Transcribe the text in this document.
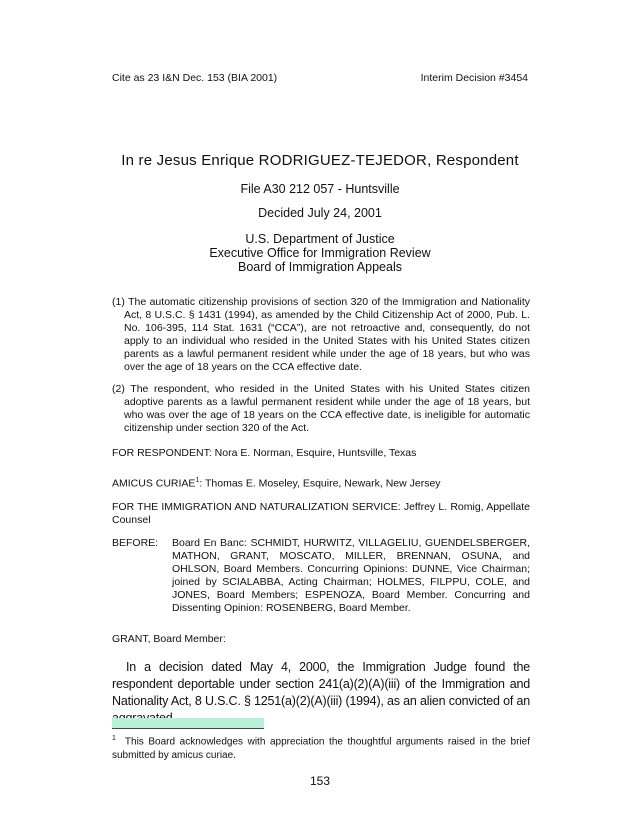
Cite as 23 I&N Dec. 153 (BIA 2001)	Interim Decision #3454
In re Jesus Enrique RODRIGUEZ-TEJEDOR, Respondent
File A30 212 057 - Huntsville
Decided July 24, 2001
U.S. Department of Justice
Executive Office for Immigration Review
Board of Immigration Appeals
(1) The automatic citizenship provisions of section 320 of the Immigration and Nationality Act, 8 U.S.C. § 1431 (1994), as amended by the Child Citizenship Act of 2000, Pub. L. No. 106-395, 114 Stat. 1631 (“CCA”), are not retroactive and, consequently, do not apply to an individual who resided in the United States with his United States citizen parents as a lawful permanent resident while under the age of 18 years, but who was over the age of 18 years on the CCA effective date.
(2) The respondent, who resided in the United States with his United States citizen adoptive parents as a lawful permanent resident while under the age of 18 years, but who was over the age of 18 years on the CCA effective date, is ineligible for automatic citizenship under section 320 of the Act.
FOR RESPONDENT: Nora E. Norman, Esquire, Huntsville, Texas
AMICUS CURIAE$^1$: Thomas E. Moseley, Esquire, Newark, New Jersey
FOR THE IMMIGRATION AND NATURALIZATION SERVICE: Jeffrey L. Romig, Appellate Counsel
BEFORE:	Board En Banc: SCHMIDT, HURWITZ, VILLAGELIU, GUENDELSBERGER, MATHON, GRANT, MOSCATO, MILLER, BRENNAN, OSUNA, and OHLSON, Board Members. Concurring Opinions: DUNNE, Vice Chairman; joined by SCIALABBA, Acting Chairman; HOLMES, FILPPU, COLE, and JONES, Board Members; ESPENOZA, Board Member. Concurring and Dissenting Opinion: ROSENBERG, Board Member.
GRANT, Board Member:
In a decision dated May 4, 2000, the Immigration Judge found the respondent deportable under section 241(a)(2)(A)(iii) of the Immigration and Nationality Act, 8 U.S.C. § 1251(a)(2)(A)(iii) (1994), as an alien convicted of an
$^1$ This Board acknowledges with appreciation the thoughtful arguments raised in the brief submitted by amicus curiae.
153
